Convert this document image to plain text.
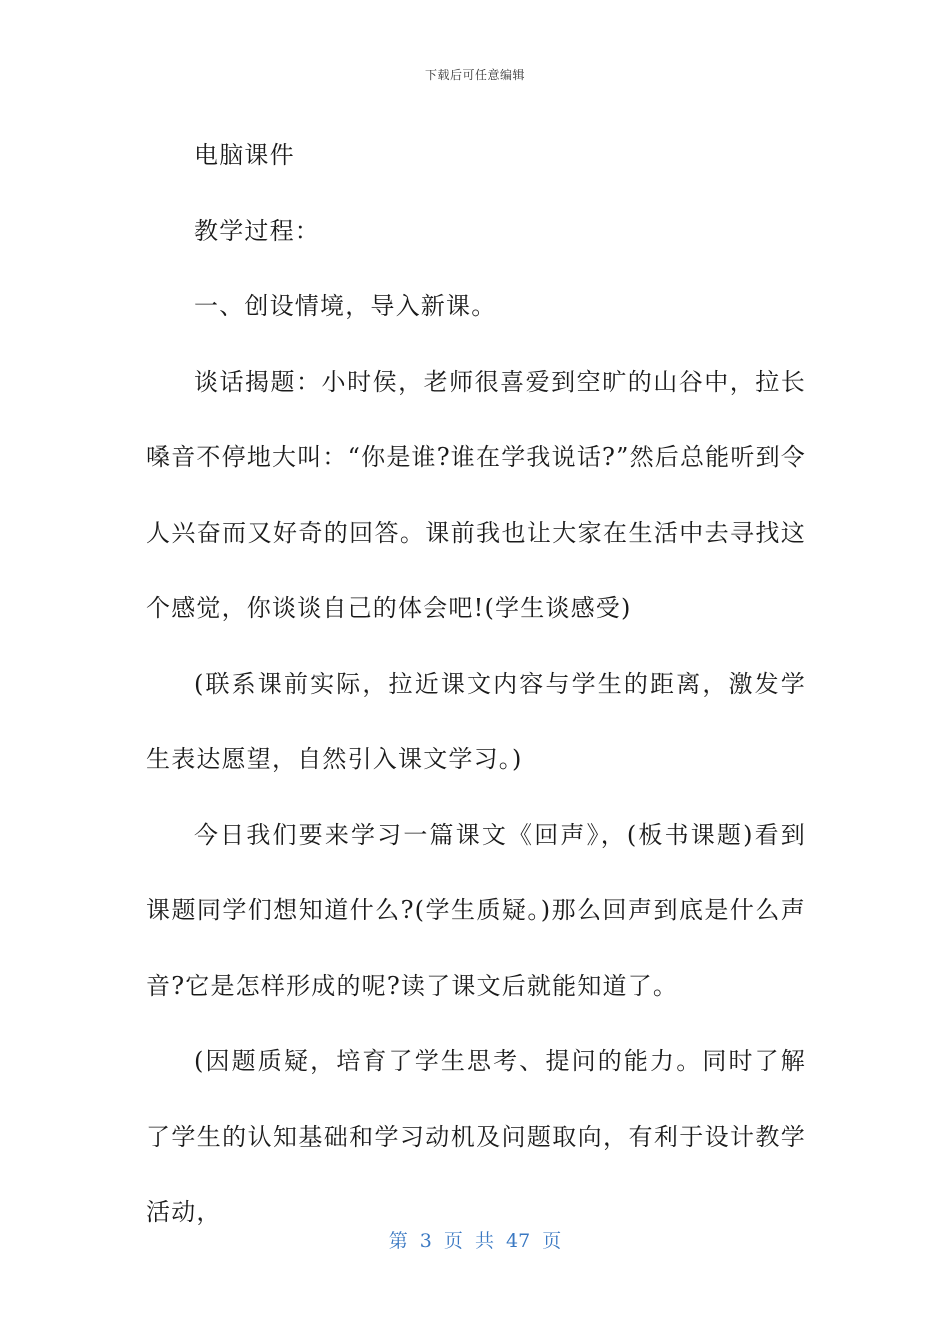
下载后可任意编辑

电脑课件

教学过程：

一、创设情境，导入新课。

谈话揭题：小时侯，老师很喜爱到空旷的山谷中，拉长嗓音不停地大叫：“你是谁?谁在学我说话?”然后总能听到令人兴奋而又好奇的回答。课前我也让大家在生活中去寻找这个感觉，你谈谈自己的体会吧!(学生谈感受)

(联系课前实际，拉近课文内容与学生的距离，激发学生表达愿望，自然引入课文学习。)

今日我们要来学习一篇课文《回声》，(板书课题)看到课题同学们想知道什么?(学生质疑。)那么回声到底是什么声音?它是怎样形成的呢?读了课文后就能知道了。

(因题质疑，培育了学生思考、提问的能力。同时了解了学生的认知基础和学习动机及问题取向，有利于设计教学活动，

第 3 页 共 47 页
